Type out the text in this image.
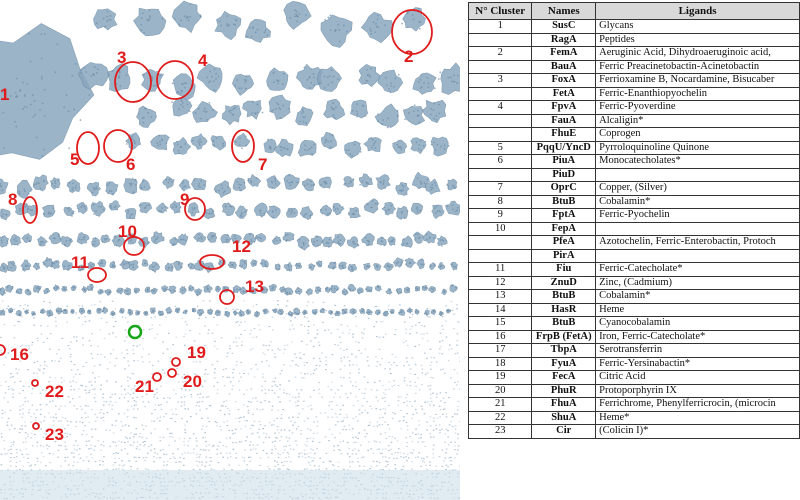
1
2
3	4
5	6	7
8	9
10
11
12
13
16	19
20
21
22
23
N° Cluster	Names	Ligands
1	SusC	Glycans
	RagA	Peptides
2	FemA	Aeruginic Acid, Dihydroaeruginoic acid,
	BauA	Ferric Preacinetobactin-Acinetobactin
3	FoxA	Ferrioxamine B, Nocardamine, Bisucaber
	FetA	Ferric-Enanthiopyochelin
4	FpvA	Ferric-Pyoverdine
	FauA	Alcaligin*
	FhuE	Coprogen
5	PqqU/YncD	Pyrroloquinoline Quinone
6	PiuA	Monocatecholates*
	PiuD	
7	OprC	Copper, (Silver)
8	BtuB	Cobalamin*
9	FptA	Ferric-Pyochelin
10	FepA	
	PfeA	Azotochelin, Ferric-Enterobactin, Protoch
	PirA	
11	Fiu	Ferric-Catecholate*
12	ZnuD	Zinc, (Cadmium)
13	BtuB	Cobalamin*
14	HasR	Heme
15	BtuB	Cyanocobalamin
16	FrpB (FetA)	Iron, Ferric-Catecholate*
17	TbpA	Serotransferrin
18	FyuA	Ferric-Yersinabactin*
19	FecA	Citric Acid
20	PhuR	Protoporphyrin IX
21	FhuA	Ferrichrome, Phenylferricrocin, (microcin
22	ShuA	Heme*
23	Cir	(Colicin I)*
